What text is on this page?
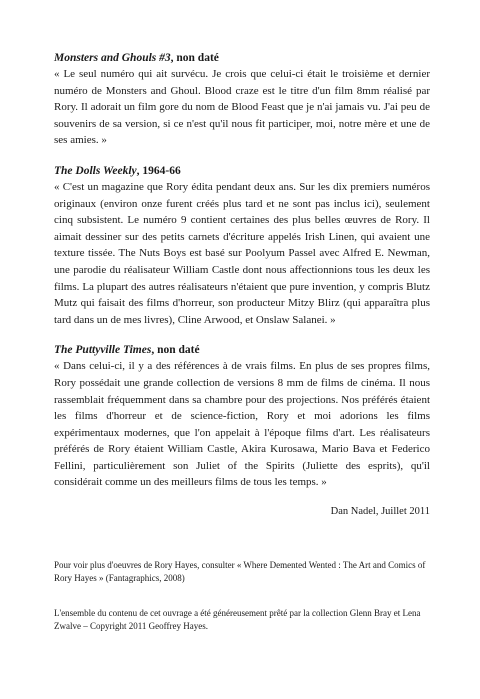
Monsters and Ghouls #3, non daté

« Le seul numéro qui ait survécu. Je crois que celui-ci était le troisième et dernier numéro de Monsters and Ghoul. Blood craze est le titre d'un film 8mm réalisé par Rory. Il adorait un film gore du nom de Blood Feast que je n'ai jamais vu. J'ai peu de souvenirs de sa version, si ce n'est qu'il nous fit participer, moi, notre mère et une de ses amies. »

The Dolls Weekly, 1964-66

« C'est un magazine que Rory édita pendant deux ans. Sur les dix premiers numéros originaux (environ onze furent créés plus tard et ne sont pas inclus ici), seulement cinq subsistent. Le numéro 9 contient certaines des plus belles œuvres de Rory. Il aimait dessiner sur des petits carnets d'écriture appelés Irish Linen, qui avaient une texture tissée. The Nuts Boys est basé sur Poolyum Passel avec Alfred E. Newman, une parodie du réalisateur William Castle dont nous affectionnions tous les deux les films. La plupart des autres réalisateurs n'étaient que pure invention, y compris Blutz Mutz qui faisait des films d'horreur, son producteur Mitzy Blirz (qui apparaîtra plus tard dans un de mes livres), Cline Arwood, et Onslaw Salanei. »

The Puttyville Times, non daté

« Dans celui-ci, il y a des références à de vrais films. En plus de ses propres films, Rory possédait une grande collection de versions 8 mm de films de cinéma. Il nous rassemblait fréquemment dans sa chambre pour des projections. Nos préférés étaient les films d'horreur et de science-fiction, Rory et moi adorions les films expérimentaux modernes, que l'on appelait à l'époque films d'art. Les réalisateurs préférés de Rory étaient William Castle, Akira Kurosawa, Mario Bava et Federico Fellini, particulièrement son Juliet of the Spirits (Juliette des esprits), qu'il considérait comme un des meilleurs films de tous les temps. »

Dan Nadel, Juillet 2011

Pour voir plus d'oeuvres de Rory Hayes, consulter « Where Demented Wented : The Art and Comics of Rory Hayes » (Fantagraphics, 2008)

L'ensemble du contenu de cet ouvrage a été généreusement prêté par la collection Glenn Bray et Lena Zwalve – Copyright 2011 Geoffrey Hayes.
